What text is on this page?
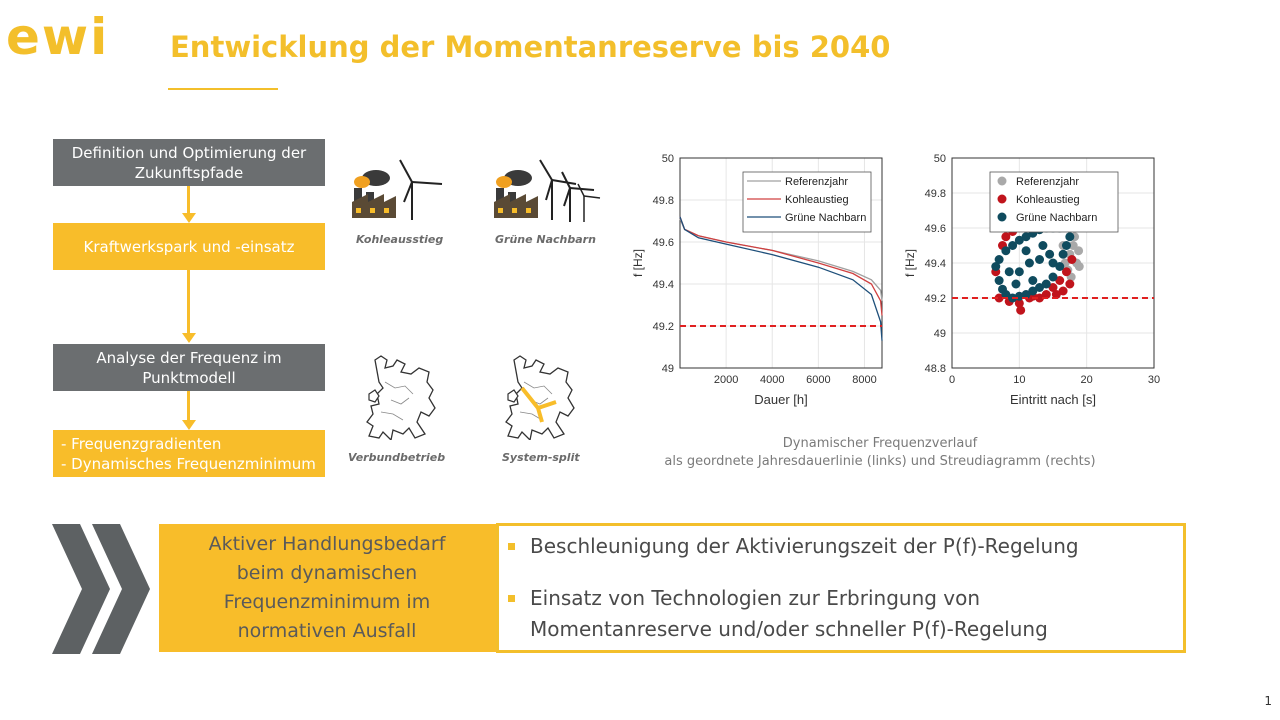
ewi Entwicklung der Momentanreserve bis 2040
Definition und Optimierung der Zukunftspfade
Kraftwerkspark und -einsatz
Analyse der Frequenz im Punktmodell
- Frequenzgradienten
- Dynamisches Frequenzminimum
Kohleausstieg	Grüne Nachbarn
Verbundbetrieb	System-split
2000 4000 6000 8000
49
49.2
49.4
49.6
49.8
50
Dauer [h]
f [Hz]
Referenzjahr
Kohleaustieg
Grüne Nachbarn
0	10	20	30
48.8
49
49.2
49.4
49.6
49.8
50
Eintritt nach [s]
f [Hz]
Referenzjahr
Kohleaustieg
Grüne Nachbarn
Dynamischer Frequenzverlauf
als geordnete Jahresdauerlinie (links) und Streudiagramm (rechts)
Aktiver Handlungsbedarf
beim dynamischen
Frequenzminimum im
normativen Ausfall
Beschleunigung der Aktivierungszeit der P(f)-Regelung
Einsatz von Technologien zur Erbringung von
Momentanreserve und/oder schneller P(f)-Regelung
1
